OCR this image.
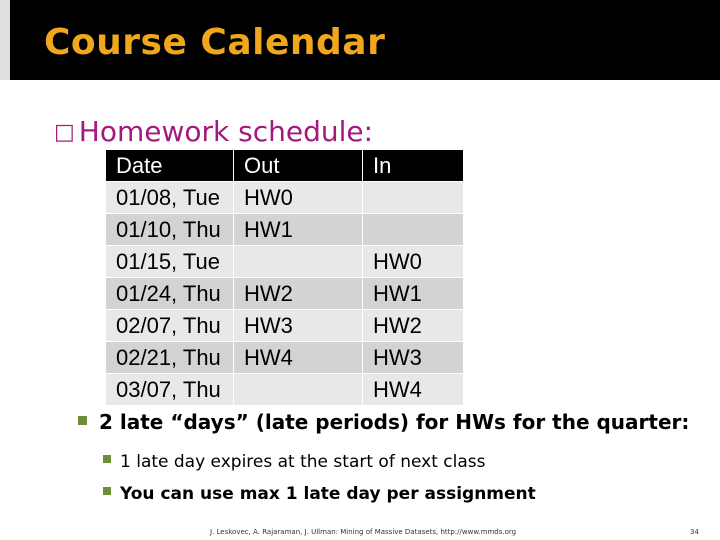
Course Calendar
□ Homework schedule:
Date	Out	In
01/08, Tue	HW0	
01/10, Thu	HW1	
01/15, Tue		HW0
01/24, Thu	HW2	HW1
02/07, Thu	HW3	HW2
02/21, Thu	HW4	HW3
03/07, Thu		HW4
2 late “days” (late periods) for HWs for the quarter:
1 late day expires at the start of next class
You can use max 1 late day per assignment
J. Leskovec, A. Rajaraman, J. Ullman: Mining of Massive Datasets, http://www.mmds.org	34
